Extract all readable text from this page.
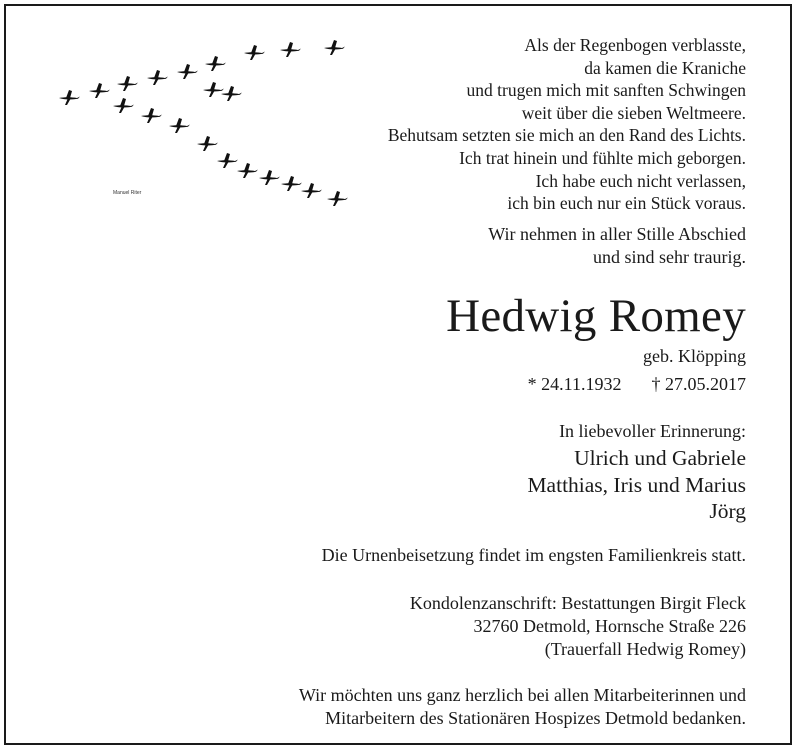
Manuel Riter
Als der Regenbogen verblasste,
da kamen die Kraniche
und trugen mich mit sanften Schwingen
weit über die sieben Weltmeere.
Behutsam setzten sie mich an den Rand des Lichts.
Ich trat hinein und fühlte mich geborgen.
Ich habe euch nicht verlassen,
ich bin euch nur ein Stück voraus.
Wir nehmen in aller Stille Abschied
und sind sehr traurig.
Hedwig Romey
geb. Klöpping
* 24.11.1932 † 27.05.2017
In liebevoller Erinnerung:
Ulrich und Gabriele
Matthias, Iris und Marius
Jörg
Die Urnenbeisetzung findet im engsten Familienkreis statt.
Kondolenzanschrift: Bestattungen Birgit Fleck
32760 Detmold, Hornsche Straße 226
(Trauerfall Hedwig Romey)
Wir möchten uns ganz herzlich bei allen Mitarbeiterinnen und
Mitarbeitern des Stationären Hospizes Detmold bedanken.
